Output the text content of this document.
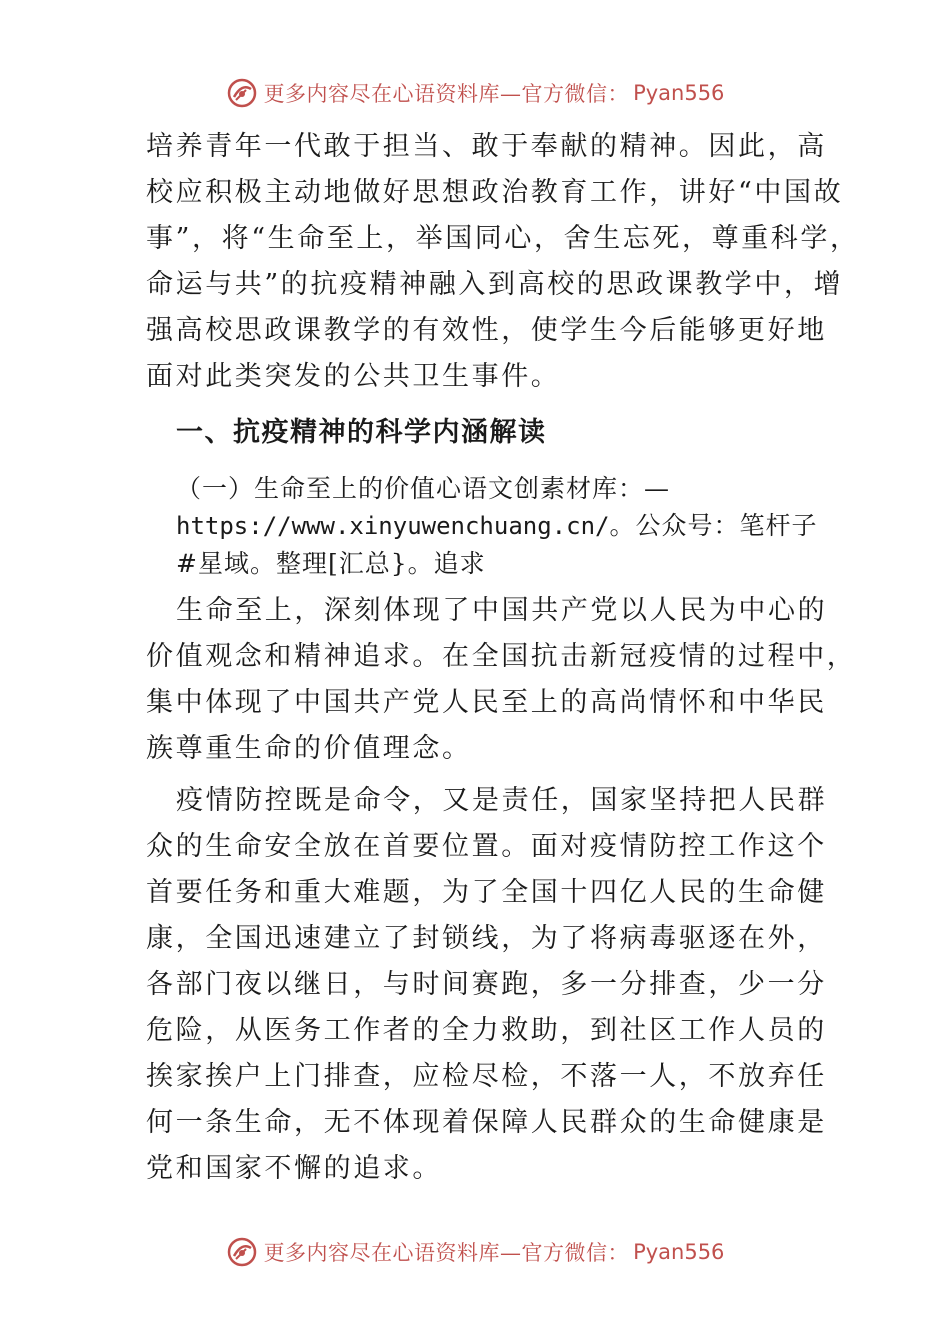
更多内容尽在心语资料库—官方微信： Pyan556
培养青年一代敢于担当、敢于奉献的精神。因此，高
校应积极主动地做好思想政治教育工作，讲好“中国故
事”，将“生命至上，举国同心，舍生忘死，尊重科学，
命运与共”的抗疫精神融入到高校的思政课教学中，增
强高校思政课教学的有效性，使学生今后能够更好地
面对此类突发的公共卫生事件。
一、抗疫精神的科学内涵解读
（一）生命至上的价值心语文创素材库：—
https://www.xinyuwenchuang.cn/。公众号：笔杆子
#星域。整理[汇总}。追求
生命至上，深刻体现了中国共产党以人民为中心的
价值观念和精神追求。在全国抗击新冠疫情的过程中，
集中体现了中国共产党人民至上的高尚情怀和中华民
族尊重生命的价值理念。
疫情防控既是命令，又是责任，国家坚持把人民群
众的生命安全放在首要位置。面对疫情防控工作这个
首要任务和重大难题，为了全国十四亿人民的生命健
康，全国迅速建立了封锁线，为了将病毒驱逐在外，
各部门夜以继日，与时间赛跑，多一分排查，少一分
危险，从医务工作者的全力救助，到社区工作人员的
挨家挨户上门排查，应检尽检，不落一人，不放弃任
何一条生命，无不体现着保障人民群众的生命健康是
党和国家不懈的追求。
更多内容尽在心语资料库—官方微信： Pyan556
